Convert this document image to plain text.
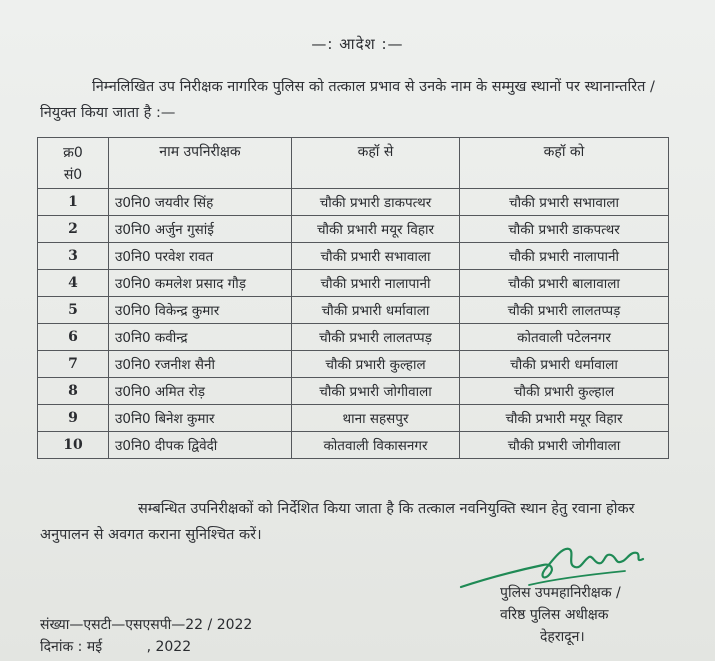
—: आदेश :—
निम्नलिखित उप निरीक्षक नागरिक पुलिस को तत्काल प्रभाव से उनके नाम के सम्मुख स्थानों पर स्थानान्तरित / नियुक्त किया जाता है :—
क्र0
सं0	नाम उपनिरीक्षक	कहॉ से	कहॉ को
1	उ0नि0 जयवीर सिंह	चौकी प्रभारी डाकपत्थर	चौकी प्रभारी सभावाला
2	उ0नि0 अर्जुन गुसांई	चौकी प्रभारी मयूर विहार	चौकी प्रभारी डाकपत्थर
3	उ0नि0 परवेश रावत	चौकी प्रभारी सभावाला	चौकी प्रभारी नालापानी
4	उ0नि0 कमलेश प्रसाद गौड़	चौकी प्रभारी नालापानी	चौकी प्रभारी बालावाला
5	उ0नि0 विकेन्द्र कुमार	चौकी प्रभारी धर्मावाला	चौकी प्रभारी लालतप्पड़
6	उ0नि0 कवीन्द्र	चौकी प्रभारी लालतप्पड़	कोतवाली पटेलनगर
7	उ0नि0 रजनीश सैनी	चौकी प्रभारी कुल्हाल	चौकी प्रभारी धर्मावाला
8	उ0नि0 अमित रोड़	चौकी प्रभारी जोगीवाला	चौकी प्रभारी कुल्हाल
9	उ0नि0 बिनेश कुमार	थाना सहसपुर	चौकी प्रभारी मयूर विहार
10	उ0नि0 दीपक द्विवेदी	कोतवाली विकासनगर	चौकी प्रभारी जोगीवाला
सम्बन्धित उपनिरीक्षकों को निर्देशित किया जाता है कि तत्काल नवनियुक्ति स्थान हेतु रवाना होकर अनुपालन से अवगत कराना सुनिश्चित करें।
पुलिस उपमहानिरीक्षक /
वरिष्ठ पुलिस अधीक्षक
देहरादून।
संख्या—एसटी—एसएसपी—22 / 2022
दिनांक : मई          , 2022
